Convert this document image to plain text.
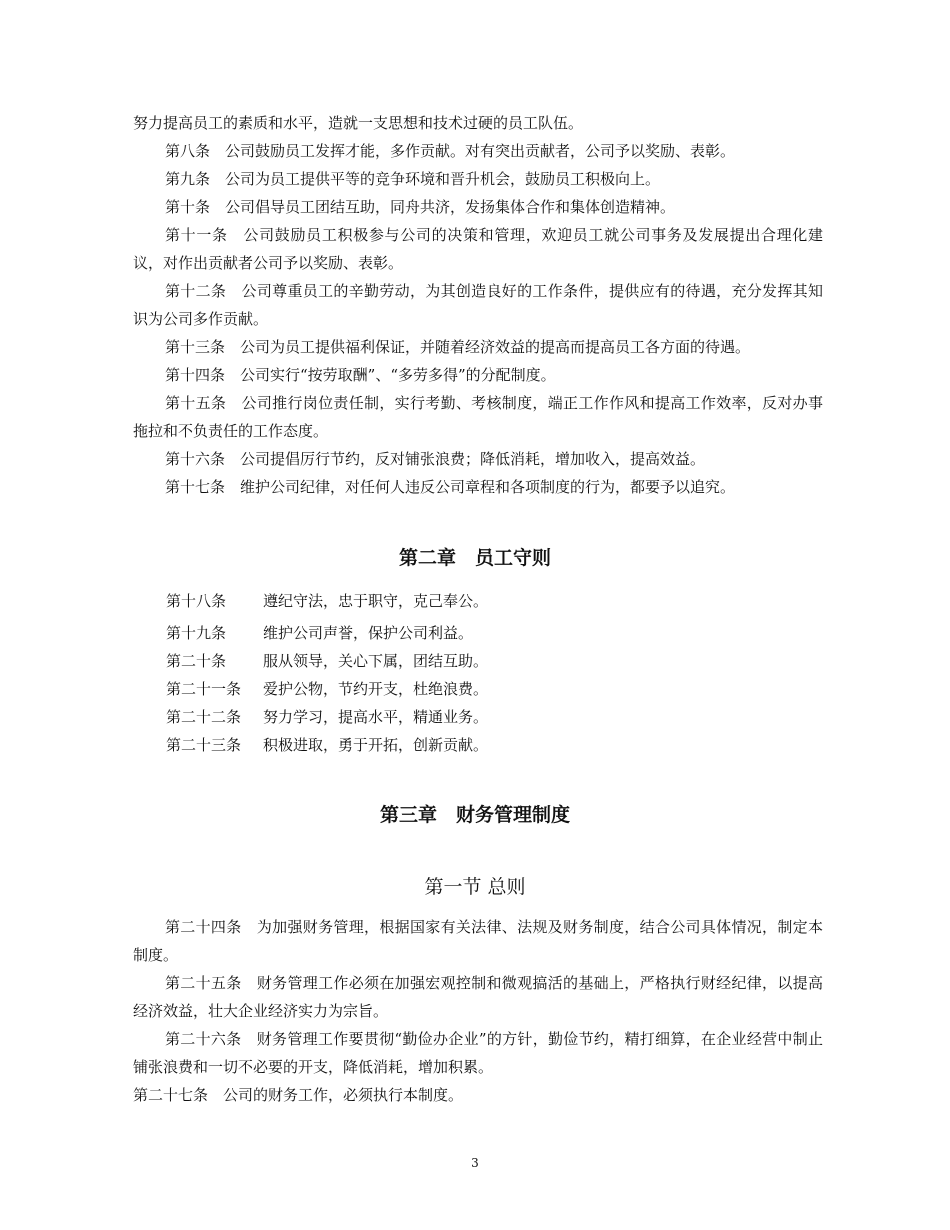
努力提高员工的素质和水平，造就一支思想和技术过硬的员工队伍。
第八条　公司鼓励员工发挥才能，多作贡献。对有突出贡献者，公司予以奖励、表彰。
第九条　公司为员工提供平等的竞争环境和晋升机会，鼓励员工积极向上。
第十条　公司倡导员工团结互助，同舟共济，发扬集体合作和集体创造精神。
第十一条　公司鼓励员工积极参与公司的决策和管理，欢迎员工就公司事务及发展提出合理化建议，对作出贡献者公司予以奖励、表彰。
第十二条　公司尊重员工的辛勤劳动，为其创造良好的工作条件，提供应有的待遇，充分发挥其知识为公司多作贡献。
第十三条　公司为员工提供福利保证，并随着经济效益的提高而提高员工各方面的待遇。
第十四条　公司实行“按劳取酬”、“多劳多得”的分配制度。
第十五条　公司推行岗位责任制，实行考勤、考核制度，端正工作作风和提高工作效率，反对办事拖拉和不负责任的工作态度。
第十六条　公司提倡厉行节约，反对铺张浪费；降低消耗，增加收入，提高效益。
第十七条　维护公司纪律，对任何人违反公司章程和各项制度的行为，都要予以追究。
第二章　员工守则
第十八条 遵纪守法，忠于职守，克己奉公。
第十九条 维护公司声誉，保护公司利益。
第二十条 服从领导，关心下属，团结互助。
第二十一条 爱护公物，节约开支，杜绝浪费。
第二十二条 努力学习，提高水平，精通业务。
第二十三条 积极进取，勇于开拓，创新贡献。
第三章　财务管理制度
第一节 总则
第二十四条　为加强财务管理，根据国家有关法律、法规及财务制度，结合公司具体情况，制定本制度。
第二十五条　财务管理工作必须在加强宏观控制和微观搞活的基础上，严格执行财经纪律，以提高经济效益，壮大企业经济实力为宗旨。
第二十六条　财务管理工作要贯彻“勤俭办企业”的方针，勤俭节约，精打细算，在企业经营中制止铺张浪费和一切不必要的开支，降低消耗，增加积累。
第二十七条　公司的财务工作，必须执行本制度。
3
